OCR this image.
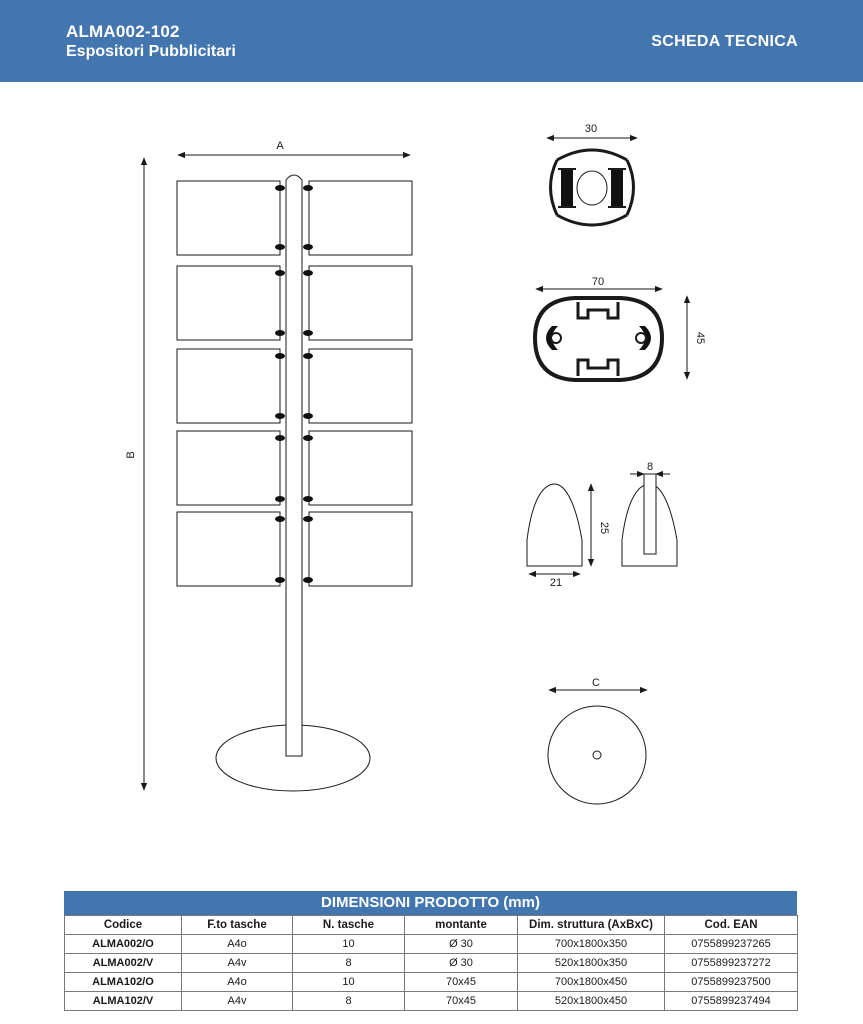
ALMA002-102
Espositori Pubblicitari
SCHEDA TECNICA
A
B
30
70
45
21
25
8
C
DIMENSIONI PRODOTTO (mm)
Codice	F.to tasche	N. tasche	montante	Dim. struttura (AxBxC)	Cod. EAN
ALMA002/O	A4o	10	Ø 30	700x1800x350	0755899237265
ALMA002/V	A4v	8	Ø 30	520x1800x350	0755899237272
ALMA102/O	A4o	10	70x45	700x1800x450	0755899237500
ALMA102/V	A4v	8	70x45	520x1800x450	0755899237494
